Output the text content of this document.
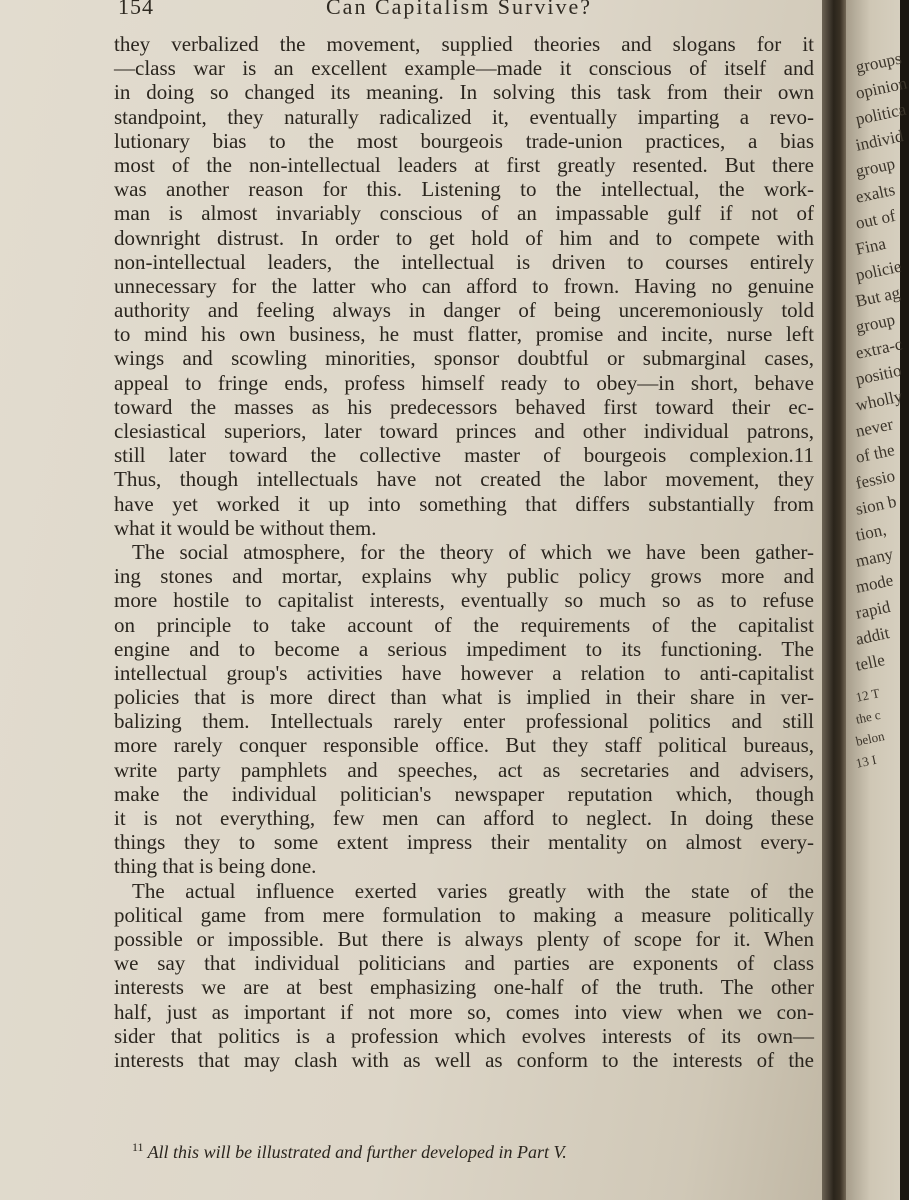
154	Can Capitalism Survive?
they verbalized the movement, supplied theories and slogans for it
—class war is an excellent example—made it conscious of itself and
in doing so changed its meaning. In solving this task from their own
standpoint, they naturally radicalized it, eventually imparting a revo-
lutionary bias to the most bourgeois trade-union practices, a bias
most of the non-intellectual leaders at first greatly resented. But there
was another reason for this. Listening to the intellectual, the work-
man is almost invariably conscious of an impassable gulf if not of
downright distrust. In order to get hold of him and to compete with
non-intellectual leaders, the intellectual is driven to courses entirely
unnecessary for the latter who can afford to frown. Having no genuine
authority and feeling always in danger of being unceremoniously told
to mind his own business, he must flatter, promise and incite, nurse left
wings and scowling minorities, sponsor doubtful or submarginal cases,
appeal to fringe ends, profess himself ready to obey—in short, behave
toward the masses as his predecessors behaved first toward their ec-
clesiastical superiors, later toward princes and other individual patrons,
still later toward the collective master of bourgeois complexion.11
Thus, though intellectuals have not created the labor movement, they
have yet worked it up into something that differs substantially from
what it would be without them.
The social atmosphere, for the theory of which we have been gather-
ing stones and mortar, explains why public policy grows more and
more hostile to capitalist interests, eventually so much so as to refuse
on principle to take account of the requirements of the capitalist
engine and to become a serious impediment to its functioning. The
intellectual group's activities have however a relation to anti-capitalist
policies that is more direct than what is implied in their share in ver-
balizing them. Intellectuals rarely enter professional politics and still
more rarely conquer responsible office. But they staff political bureaus,
write party pamphlets and speeches, act as secretaries and advisers,
make the individual politician's newspaper reputation which, though
it is not everything, few men can afford to neglect. In doing these
things they to some extent impress their mentality on almost every-
thing that is being done.
The actual influence exerted varies greatly with the state of the
political game from mere formulation to making a measure politically
possible or impossible. But there is always plenty of scope for it. When
we say that individual politicians and parties are exponents of class
interests we are at best emphasizing one-half of the truth. The other
half, just as important if not more so, comes into view when we con-
sider that politics is a profession which evolves interests of its own—
interests that may clash with as well as conform to the interests of the
$^{11}$ All this will be illustrated and further developed in Part V.
groups
opinion
politica
individ
group
exalts
out of
Fina
policie
But ag
group
extra-c
positio
wholly
never
of the
fessio
sion b
tion,
many
mode
rapid
addit
telle
12 T
the c
belon
13 I
